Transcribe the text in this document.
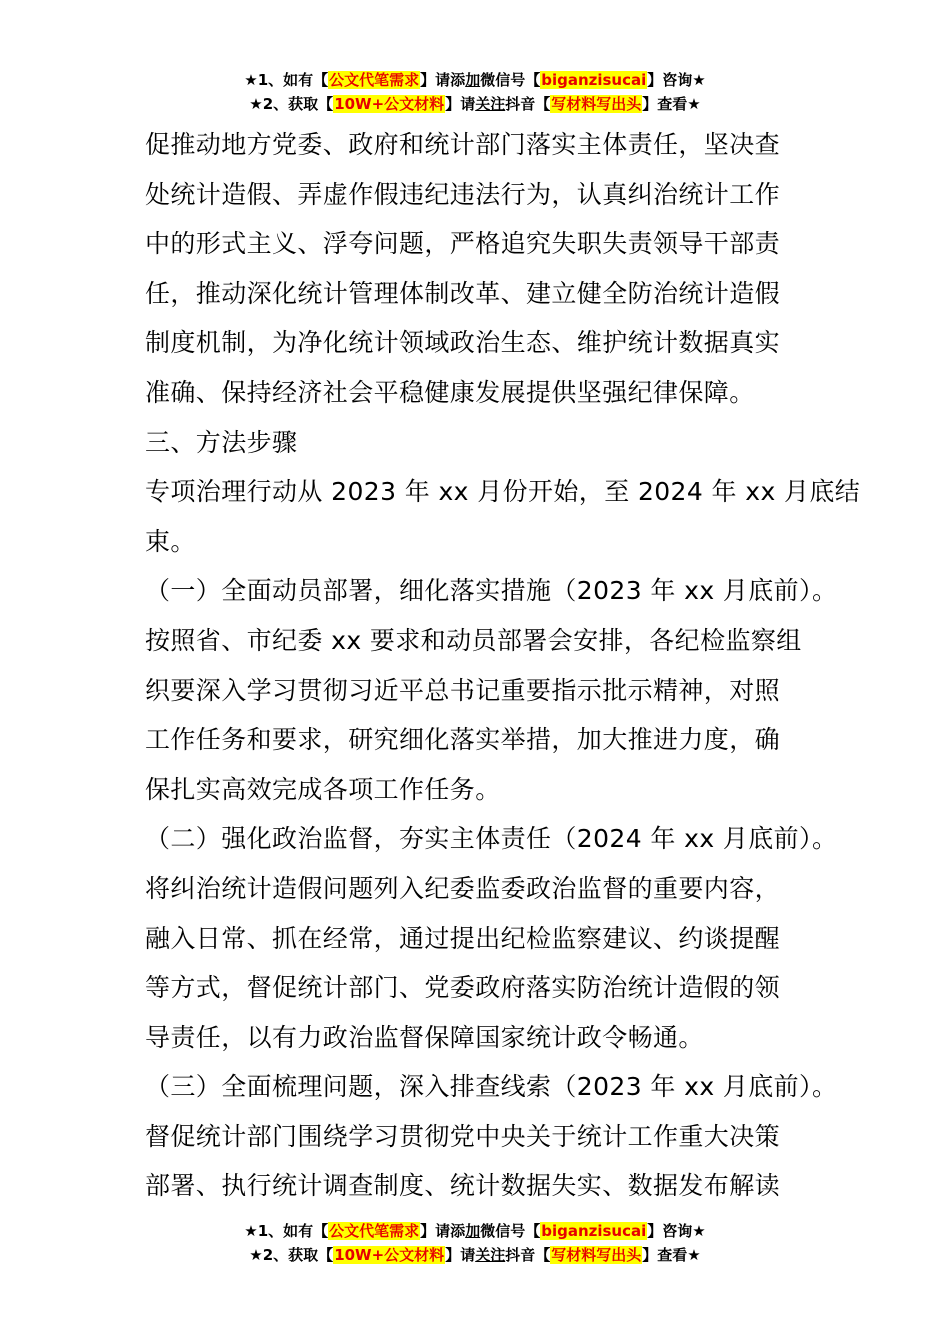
★1、如有【公文代笔需求】请添加微信号【biganzisucai】咨询★
★2、获取【10W+公文材料】请关注抖音【写材料写出头】查看★
促推动地方党委、政府和统计部门落实主体责任，坚决查
处统计造假、弄虚作假违纪违法行为，认真纠治统计工作
中的形式主义、浮夸问题，严格追究失职失责领导干部责
任，推动深化统计管理体制改革、建立健全防治统计造假
制度机制，为净化统计领域政治生态、维护统计数据真实
准确、保持经济社会平稳健康发展提供坚强纪律保障。
三、方法步骤
专项治理行动从 2023 年 xx 月份开始，至 2024 年 xx 月底结
束。
（一）全面动员部署，细化落实措施（2023 年 xx 月底前）。
按照省、市纪委 xx 要求和动员部署会安排，各纪检监察组
织要深入学习贯彻习近平总书记重要指示批示精神，对照
工作任务和要求，研究细化落实举措，加大推进力度，确
保扎实高效完成各项工作任务。
（二）强化政治监督，夯实主体责任（2024 年 xx 月底前）。
将纠治统计造假问题列入纪委监委政治监督的重要内容，
融入日常、抓在经常，通过提出纪检监察建议、约谈提醒
等方式，督促统计部门、党委政府落实防治统计造假的领
导责任，以有力政治监督保障国家统计政令畅通。
（三）全面梳理问题，深入排查线索（2023 年 xx 月底前）。
督促统计部门围绕学习贯彻党中央关于统计工作重大决策
部署、执行统计调查制度、统计数据失实、数据发布解读
★1、如有【公文代笔需求】请添加微信号【biganzisucai】咨询★
★2、获取【10W+公文材料】请关注抖音【写材料写出头】查看★
